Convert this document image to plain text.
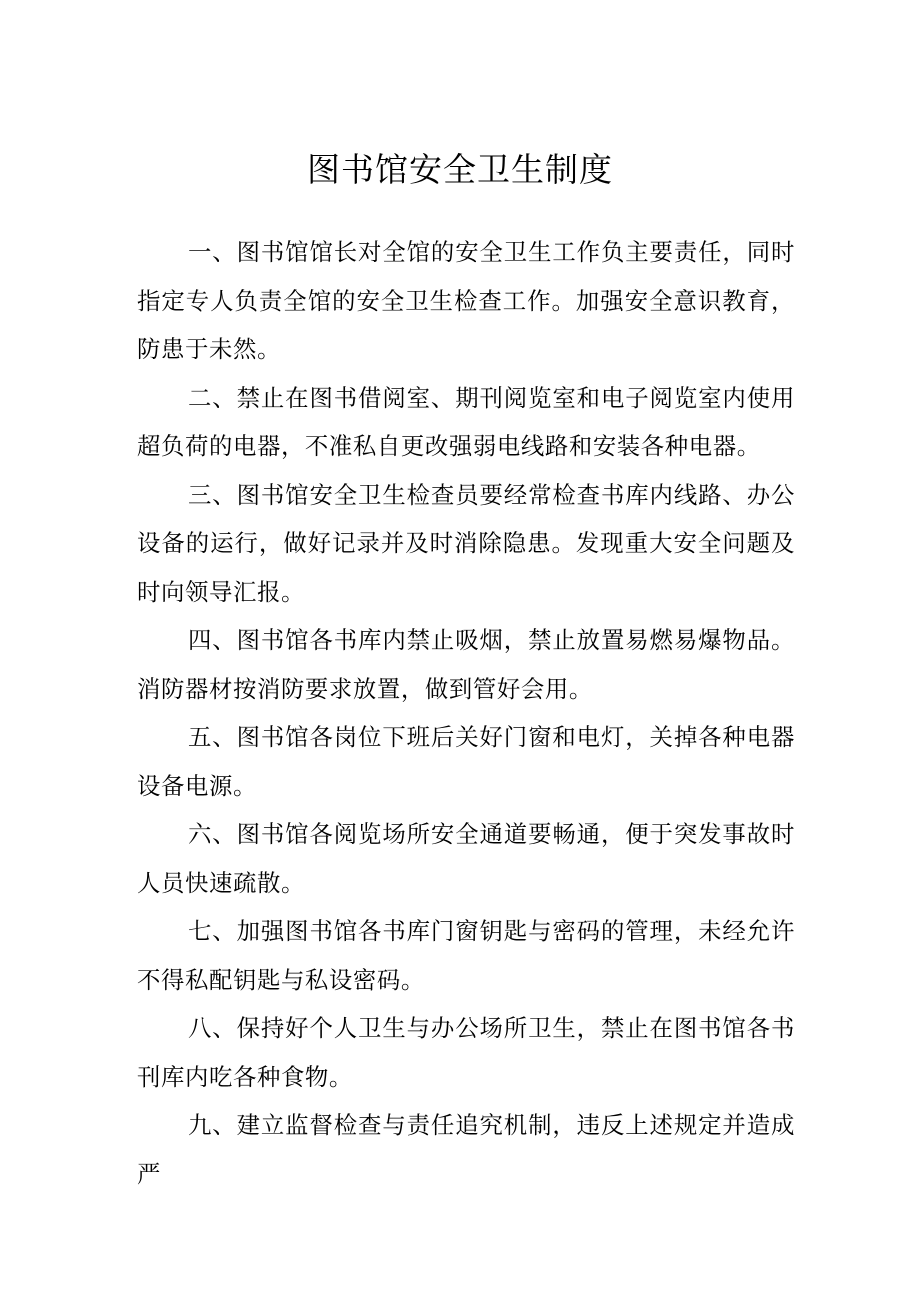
图书馆安全卫生制度

一、图书馆馆长对全馆的安全卫生工作负主要责任，同时指定专人负责全馆的安全卫生检查工作。加强安全意识教育，防患于未然。

二、禁止在图书借阅室、期刊阅览室和电子阅览室内使用超负荷的电器，不准私自更改强弱电线路和安装各种电器。

三、图书馆安全卫生检查员要经常检查书库内线路、办公设备的运行，做好记录并及时消除隐患。发现重大安全问题及时向领导汇报。

四、图书馆各书库内禁止吸烟，禁止放置易燃易爆物品。消防器材按消防要求放置，做到管好会用。

五、图书馆各岗位下班后关好门窗和电灯，关掉各种电器设备电源。

六、图书馆各阅览场所安全通道要畅通，便于突发事故时人员快速疏散。

七、加强图书馆各书库门窗钥匙与密码的管理，未经允许不得私配钥匙与私设密码。

八、保持好个人卫生与办公场所卫生，禁止在图书馆各书刊库内吃各种食物。

九、建立监督检查与责任追究机制，违反上述规定并造成严
